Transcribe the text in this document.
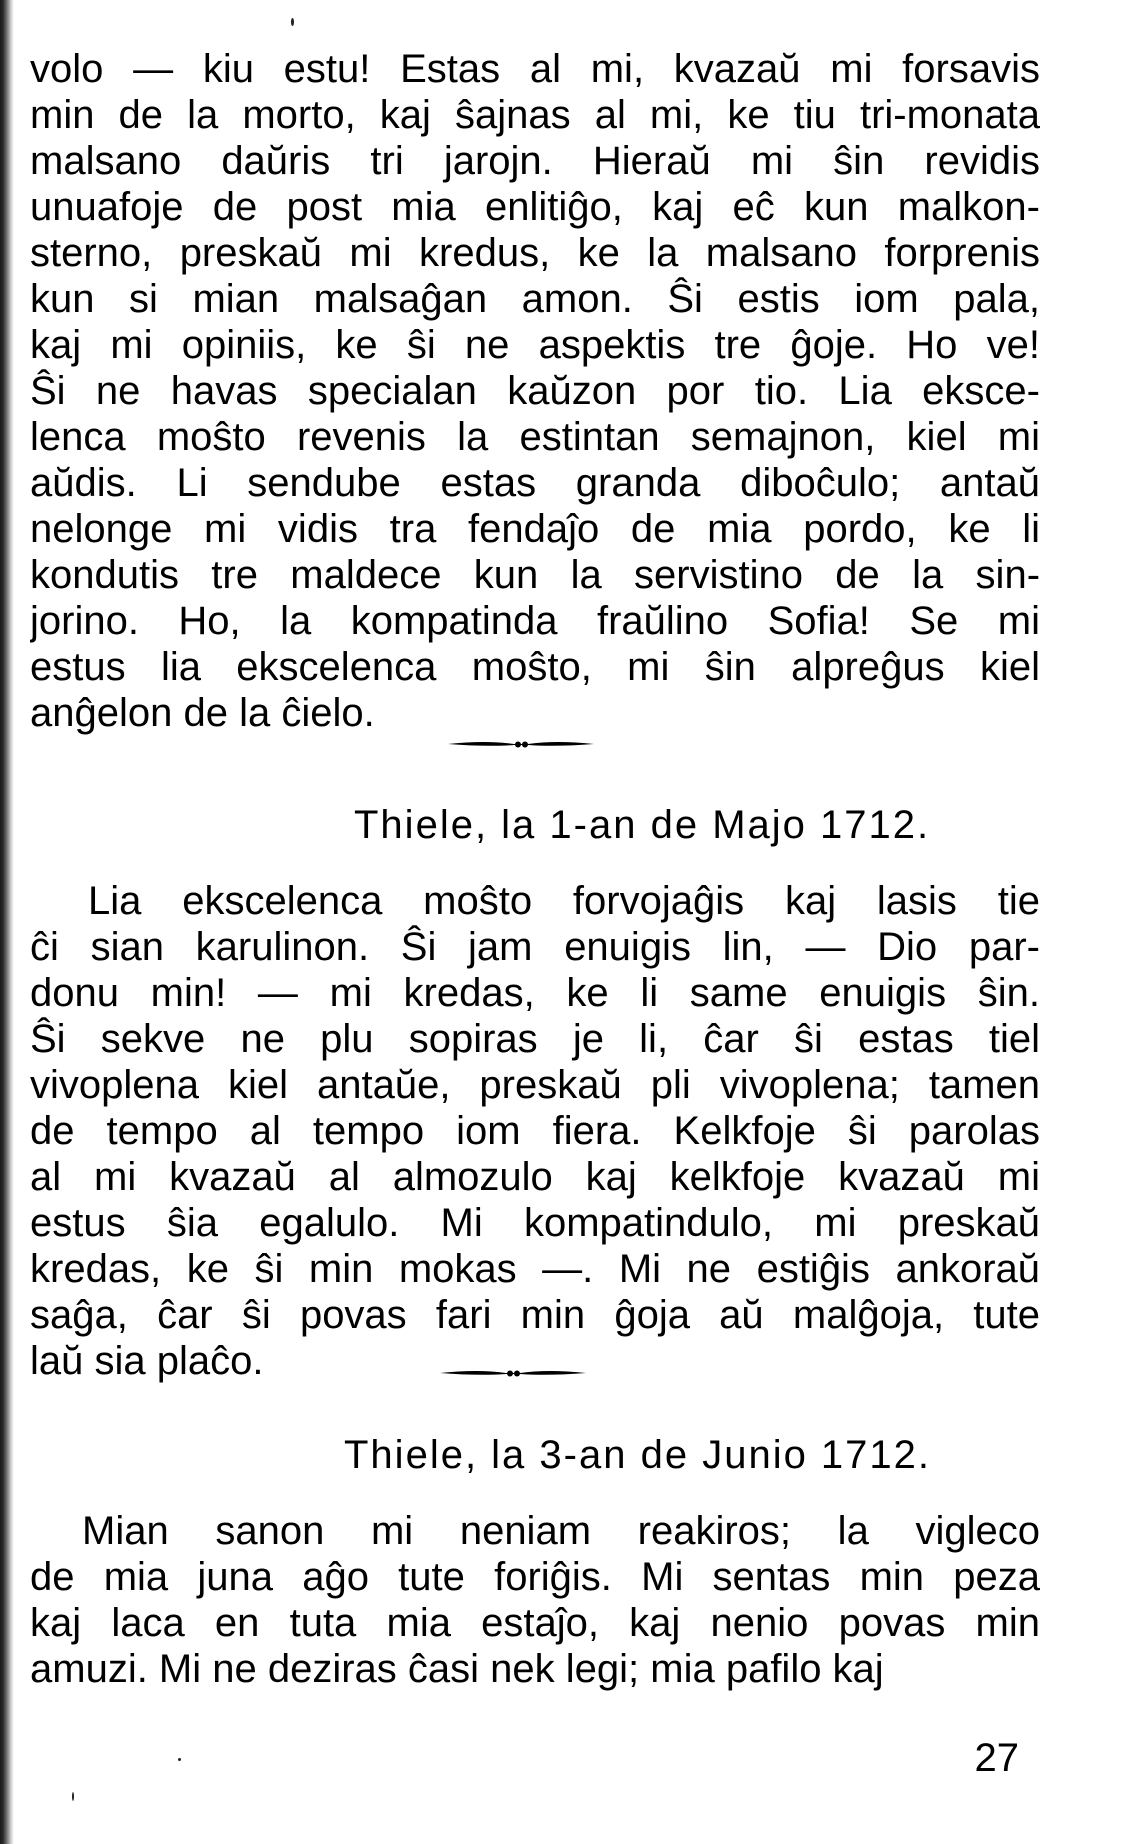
volo — kiu estu! Estas al mi, kvazaŭ mi forsavis
min de la morto, kaj ŝajnas al mi, ke tiu tri-monata
malsano daŭris tri jarojn. Hieraŭ mi ŝin revidis
unuafoje de post mia enlitiĝo, kaj eĉ kun malkon-
sterno, preskaŭ mi kredus, ke la malsano forprenis
kun si mian malsaĝan amon. Ŝi estis iom pala,
kaj mi opiniis, ke ŝi ne aspektis tre ĝoje. Ho ve!
Ŝi ne havas specialan kaŭzon por tio. Lia eksce-
lenca moŝto revenis la estintan semajnon, kiel mi
aŭdis. Li sendube estas granda diboĉulo; antaŭ
nelonge mi vidis tra fendaĵo de mia pordo, ke li
kondutis tre maldece kun la servistino de la sin-
jorino. Ho, la kompatinda fraŭlino Sofia! Se mi
estus lia ekscelenca moŝto, mi ŝin alpreĝus kiel
anĝelon de la ĉielo.
Thiele, la 1-an de Majo 1712.
Lia ekscelenca moŝto forvojaĝis kaj lasis tie
ĉi sian karulinon. Ŝi jam enuigis lin, — Dio par-
donu min! — mi kredas, ke li same enuigis ŝin.
Ŝi sekve ne plu sopiras je li, ĉar ŝi estas tiel
vivoplena kiel antaŭe, preskaŭ pli vivoplena; tamen
de tempo al tempo iom fiera. Kelkfoje ŝi parolas
al mi kvazaŭ al almozulo kaj kelkfoje kvazaŭ mi
estus ŝia egalulo. Mi kompatindulo, mi preskaŭ
kredas, ke ŝi min mokas —. Mi ne estiĝis ankoraŭ
saĝa, ĉar ŝi povas fari min ĝoja aŭ malĝoja, tute
laŭ sia plaĉo.
Thiele, la 3-an de Junio 1712.
Mian sanon mi neniam reakiros; la vigleco
de mia juna aĝo tute foriĝis. Mi sentas min peza
kaj laca en tuta mia estaĵo, kaj nenio povas min
amuzi. Mi ne deziras ĉasi nek legi; mia pafilo kaj
27
